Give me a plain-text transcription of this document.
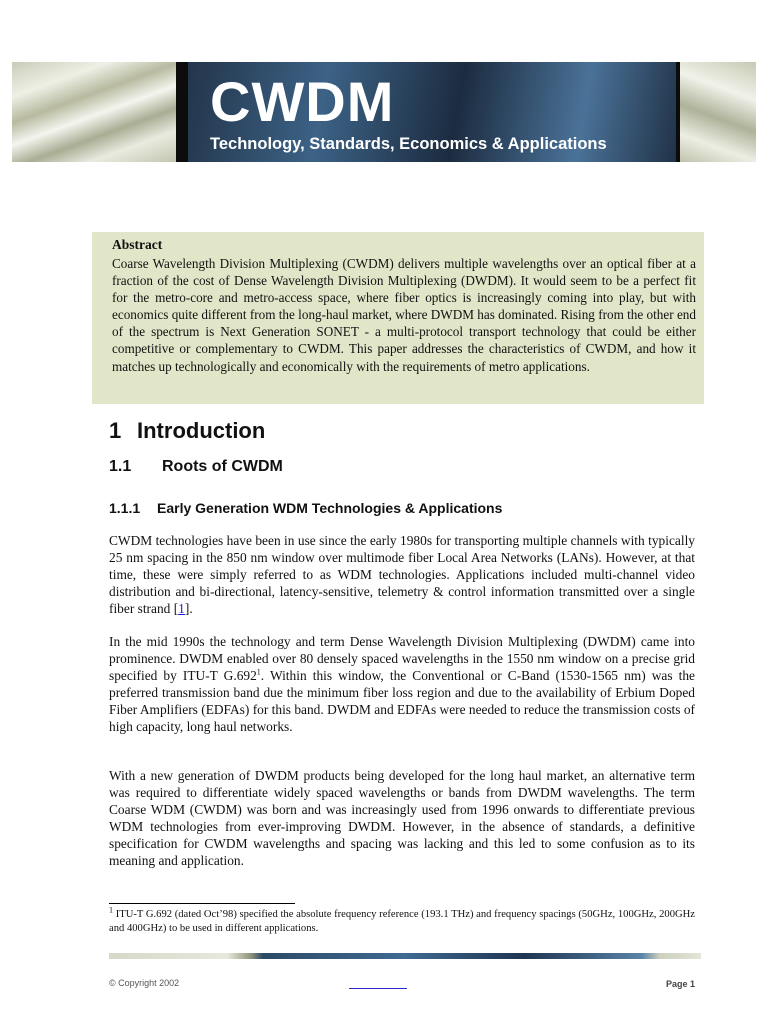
CWDM
Technology, Standards, Economics & Applications
Abstract
Coarse Wavelength Division Multiplexing (CWDM) delivers multiple wavelengths over an optical fiber at a fraction of the cost of Dense Wavelength Division Multiplexing (DWDM). It would seem to be a perfect fit for the metro-core and metro-access space, where fiber optics is increasingly coming into play, but with economics quite different from the long-haul market, where DWDM has dominated. Rising from the other end of the spectrum is Next Generation SONET - a multi-protocol transport technology that could be either competitive or complementary to CWDM. This paper addresses the characteristics of CWDM, and how it matches up technologically and economically with the requirements of metro applications.
1 Introduction
1.1 Roots of CWDM
1.1.1 Early Generation WDM Technologies & Applications
CWDM technologies have been in use since the early 1980s for transporting multiple channels with typically 25 nm spacing in the 850 nm window over multimode fiber Local Area Networks (LANs). However, at that time, these were simply referred to as WDM technologies. Applications included multi-channel video distribution and bi-directional, latency-sensitive, telemetry & control information transmitted over a single fiber strand [1].
In the mid 1990s the technology and term Dense Wavelength Division Multiplexing (DWDM) came into prominence. DWDM enabled over 80 densely spaced wavelengths in the 1550 nm window on a precise grid specified by ITU-T G.692$^1$. Within this window, the Conventional or C-Band (1530-1565 nm) was the preferred transmission band due the minimum fiber loss region and due to the availability of Erbium Doped Fiber Amplifiers (EDFAs) for this band. DWDM and EDFAs were needed to reduce the transmission costs of high capacity, long haul networks.
With a new generation of DWDM products being developed for the long haul market, an alternative term was required to differentiate widely spaced wavelengths or bands from DWDM wavelengths. The term Coarse WDM (CWDM) was born and was increasingly used from 1996 onwards to differentiate previous WDM technologies from ever-improving DWDM. However, in the absence of standards, a definitive specification for CWDM wavelengths and spacing was lacking and this led to some confusion as to its meaning and application.
$^1$ ITU-T G.692 (dated Oct’98) specified the absolute frequency reference (193.1 THz) and frequency spacings (50GHz, 100GHz, 200GHz and 400GHz) to be used in different applications.
© Copyright 2002	Page 1
